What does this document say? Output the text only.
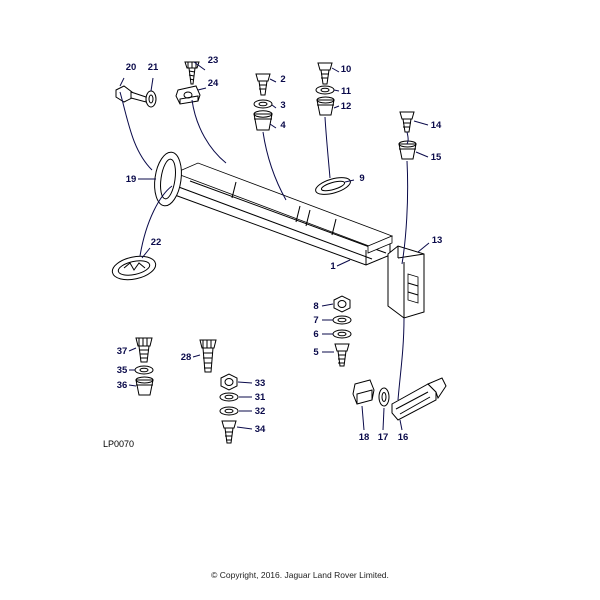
20 21
23
24	2
3
4
10
11
12
14
15
13
9
1
8
7
6
5
19
22
37
35
36
28
33
31
32
34
18 17 16
LP0070
© Copyright, 2016. Jaguar Land Rover Limited.
